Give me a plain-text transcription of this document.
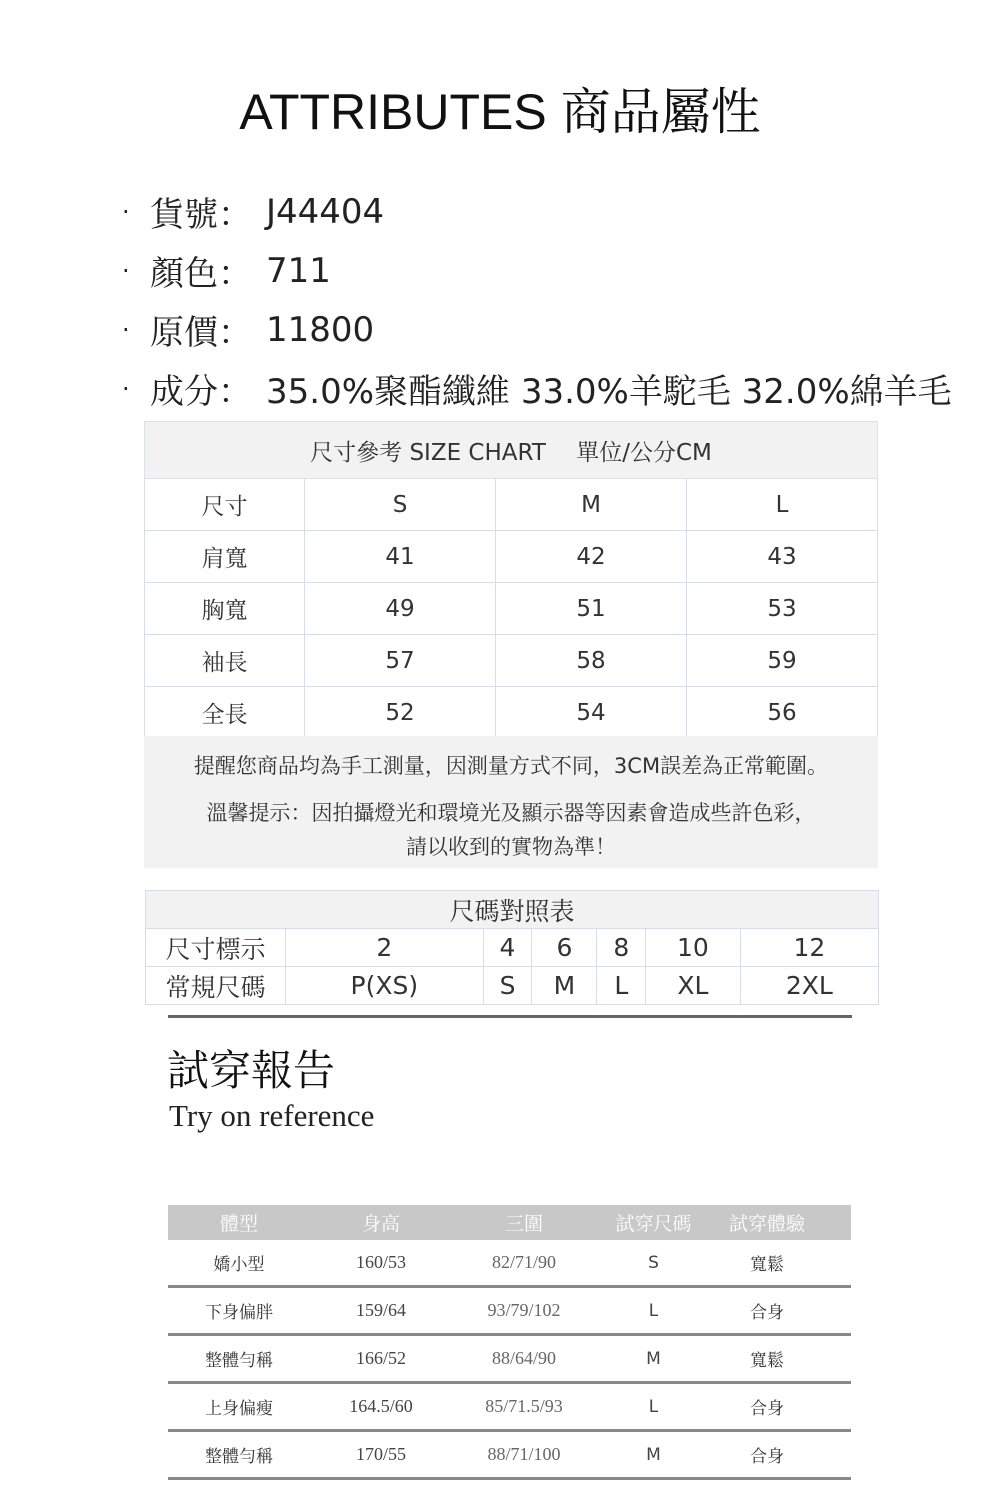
ATTRIBUTES 商品屬性
· 貨號： J44404
· 顏色： 711
· 原價： 11800
· 成分： 35.0%聚酯纖維 33.0%羊駝毛 32.0%綿羊毛
尺寸參考 SIZE CHART　 單位/公分CM			
尺寸	S	M	L
肩寬	41	42	43
胸寬	49	51	53
袖長	57	58	59
全長	52	54	56
提醒您商品均為手工測量，因測量方式不同，3CM誤差為正常範圍。
溫馨提示：因拍攝燈光和環境光及顯示器等因素會造成些許色彩，
請以收到的實物為準！
尺碼對照表						
尺寸標示	2	4	6	8	10	12
常規尺碼	P(XS)	S	M	L	XL	2XL
試穿報告
Try on reference
體型	身高	三圍	試穿尺碼	試穿體驗
嬌小型	160/53	82/71/90	S	寬鬆
下身偏胖	159/64	93/79/102	L	合身
整體勻稱	166/52	88/64/90	M	寬鬆
上身偏瘦	164.5/60	85/71.5/93	L	合身
整體勻稱	170/55	88/71/100	M	合身
